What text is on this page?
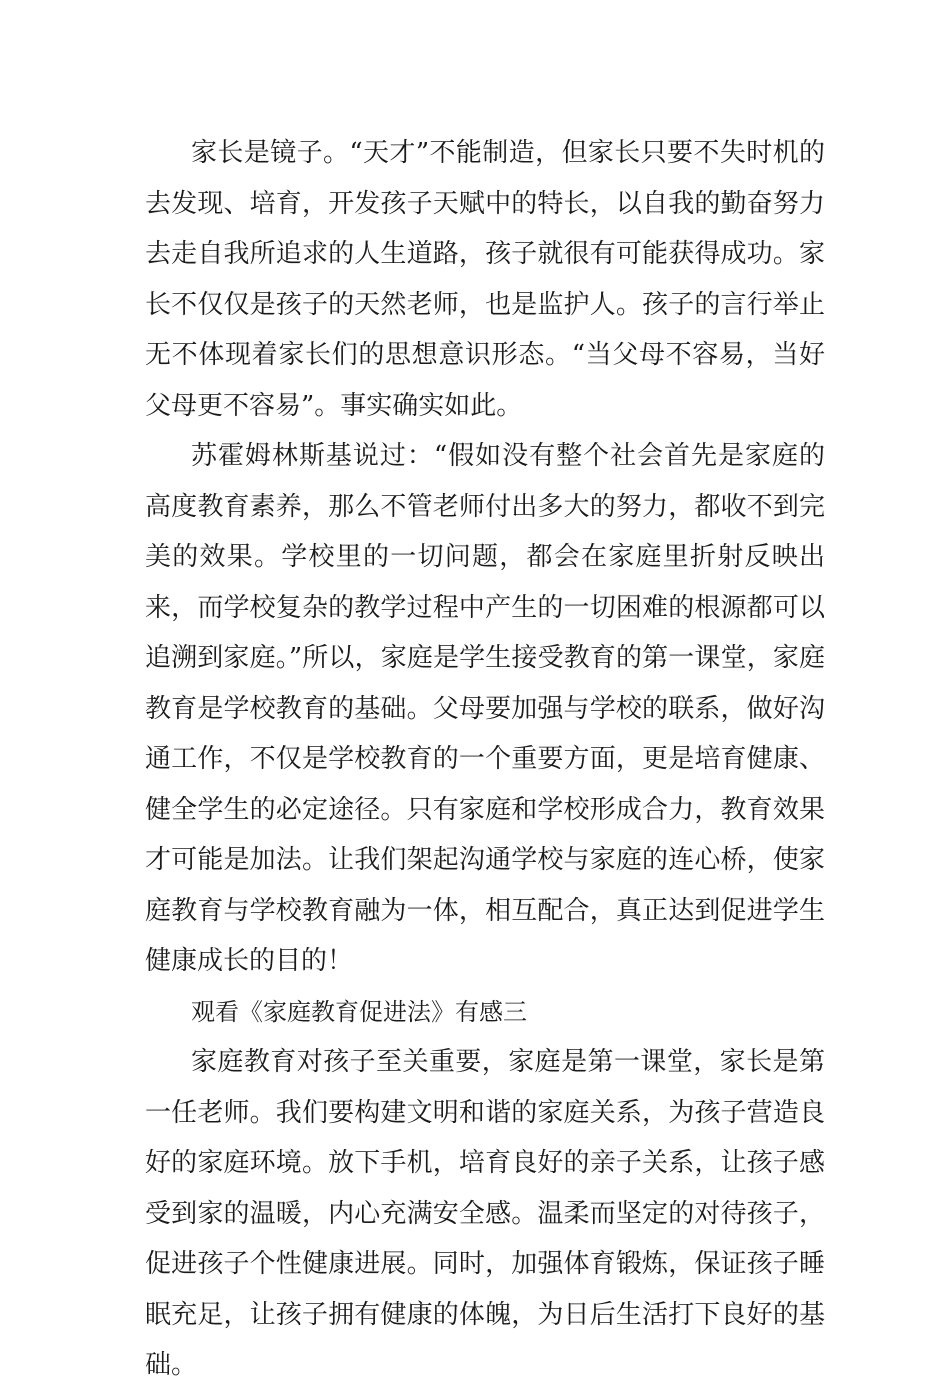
家长是镜子。“天才”不能制造，但家长只要不失时机的去发现、培育，开发孩子天赋中的特长，以自我的勤奋努力去走自我所追求的人生道路，孩子就很有可能获得成功。家长不仅仅是孩子的天然老师，也是监护人。孩子的言行举止无不体现着家长们的思想意识形态。“当父母不容易，当好父母更不容易”。事实确实如此。

苏霍姆林斯基说过：“假如没有整个社会首先是家庭的高度教育素养，那么不管老师付出多大的努力，都收不到完美的效果。学校里的一切问题，都会在家庭里折射反映出来，而学校复杂的教学过程中产生的一切困难的根源都可以追溯到家庭。”所以，家庭是学生接受教育的第一课堂，家庭教育是学校教育的基础。父母要加强与学校的联系，做好沟通工作，不仅是学校教育的一个重要方面，更是培育健康、健全学生的必定途径。只有家庭和学校形成合力，教育效果才可能是加法。让我们架起沟通学校与家庭的连心桥，使家庭教育与学校教育融为一体，相互配合，真正达到促进学生健康成长的目的！

观看《家庭教育促进法》有感三

家庭教育对孩子至关重要，家庭是第一课堂，家长是第一任老师。我们要构建文明和谐的家庭关系，为孩子营造良好的家庭环境。放下手机，培育良好的亲子关系，让孩子感受到家的温暖，内心充满安全感。温柔而坚定的对待孩子，促进孩子个性健康进展。同时，加强体育锻炼，保证孩子睡眠充足，让孩子拥有健康的体魄，为日后生活打下良好的基础。
